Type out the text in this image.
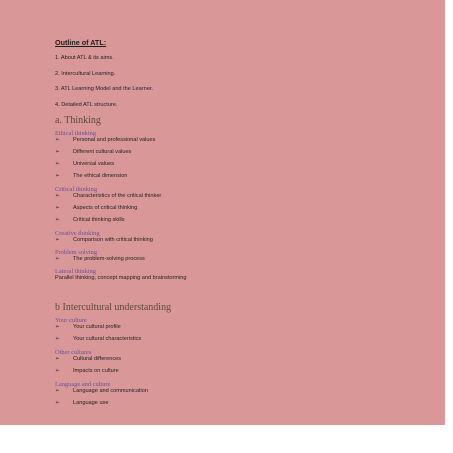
Outline of ATL:
1. About ATL & its aims.
2. Intercultural Learning.
3. ATL Learning Model and the Learner.
4. Detailed ATL structure.
a. Thinking
Ethical thinking
➢	Personal and professional values
➢	Different cultural values
➢	Universal values
➢	The ethical dimension
Critical thinking
➢	Characteristics of the critical thinker
➢	Aspects of critical thinking
➢	Critical thinking skills
Creative thinking
➢	Comparison with critical thinking
Problem solving
➢	The problem-solving process
Lateral thinking
Parallel thinking, concept mapping and brainstorming
b Intercultural understanding
Your culture
➢	Your cultural profile
➢	Your cultural characteristics
Other cultures
➢	Cultural differences
➢	Impacts on culture
Language and culture
➢	Language and communication
➢	Language use
